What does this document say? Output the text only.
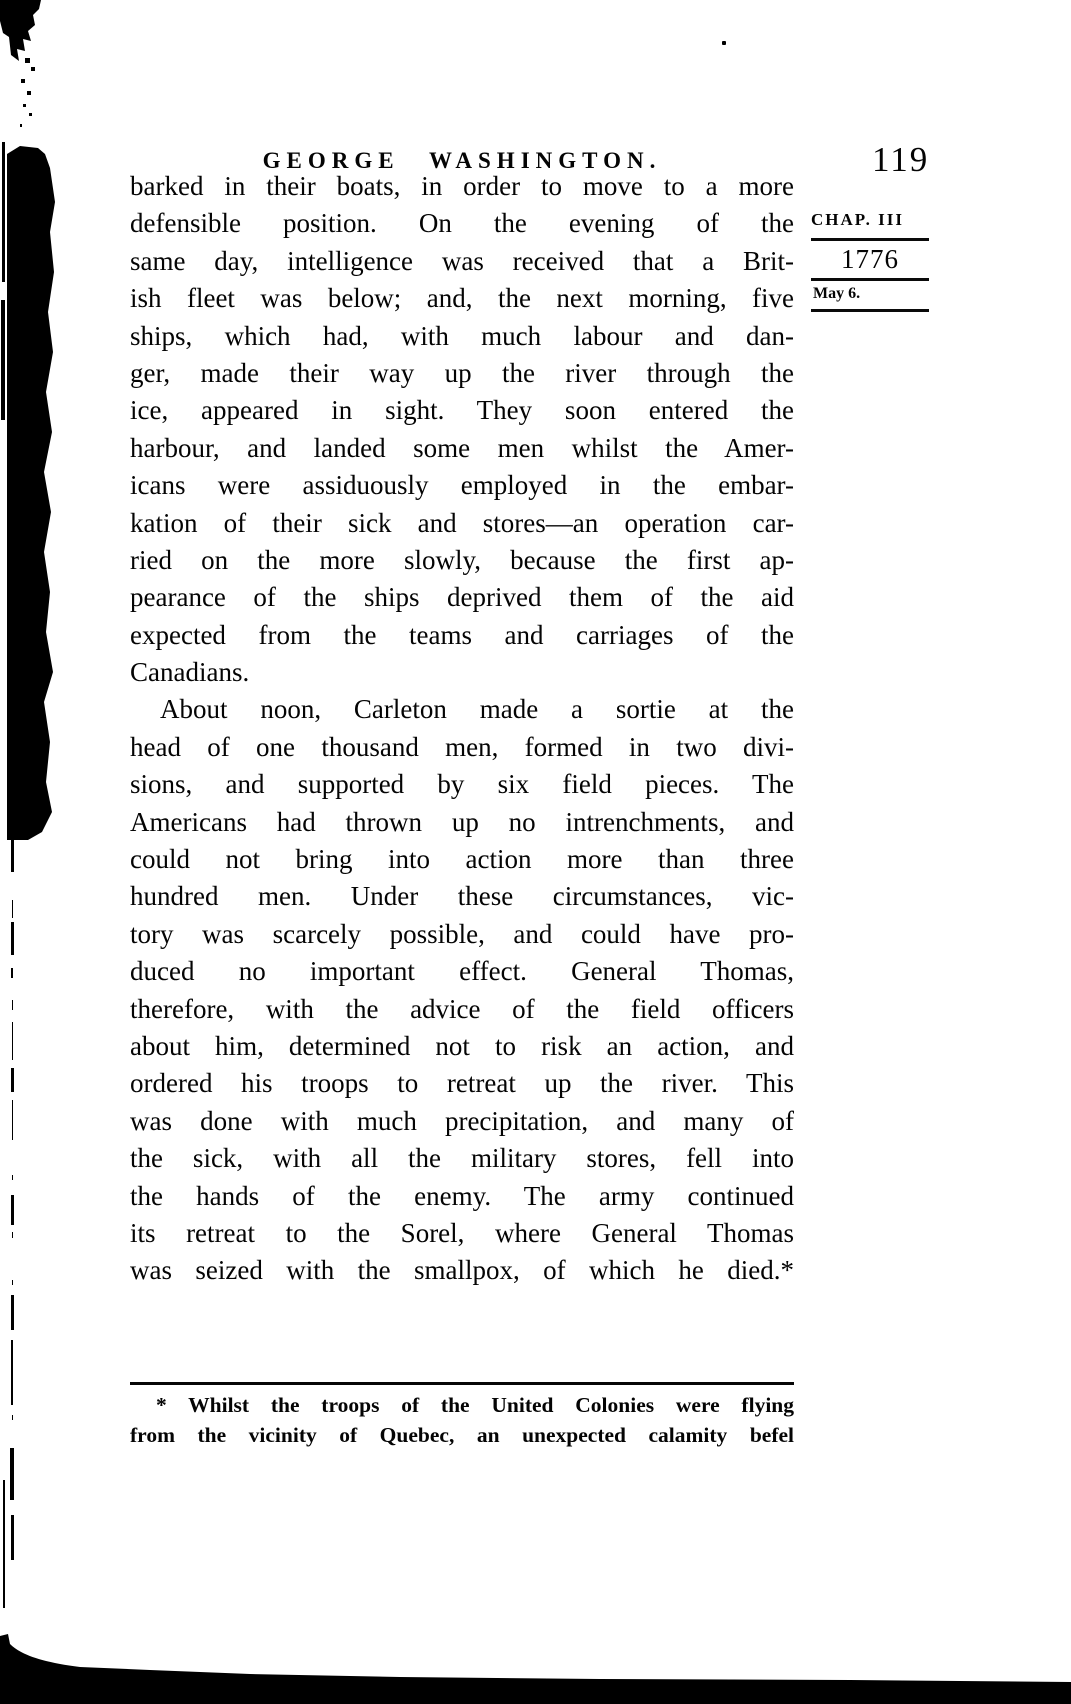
GEORGE WASHINGTON.	119
barked in their boats, in order to move to a more
defensible position. On the evening of the
same day, intelligence was received that a Brit-
ish fleet was below; and, the next morning, five
ships, which had, with much labour and dan-
ger, made their way up the river through the
ice, appeared in sight. They soon entered the
harbour, and landed some men whilst the Amer-
icans were assiduously employed in the embar-
kation of their sick and stores—an operation car-
ried on the more slowly, because the first ap-
pearance of the ships deprived them of the aid
expected from the teams and carriages of the
Canadians.
About noon, Carleton made a sortie at the
head of one thousand men, formed in two divi-
sions, and supported by six field pieces. The
Americans had thrown up no intrenchments, and
could not bring into action more than three
hundred men. Under these circumstances, vic-
tory was scarcely possible, and could have pro-
duced no important effect. General Thomas,
therefore, with the advice of the field officers
about him, determined not to risk an action, and
ordered his troops to retreat up the river. This
was done with much precipitation, and many of
the sick, with all the military stores, fell into
the hands of the enemy. The army continued
its retreat to the Sorel, where General Thomas
was seized with the smallpox, of which he died.*
CHAP. III
1776
May 6.
* Whilst the troops of the United Colonies were flying
from the vicinity of Quebec, an unexpected calamity befel
